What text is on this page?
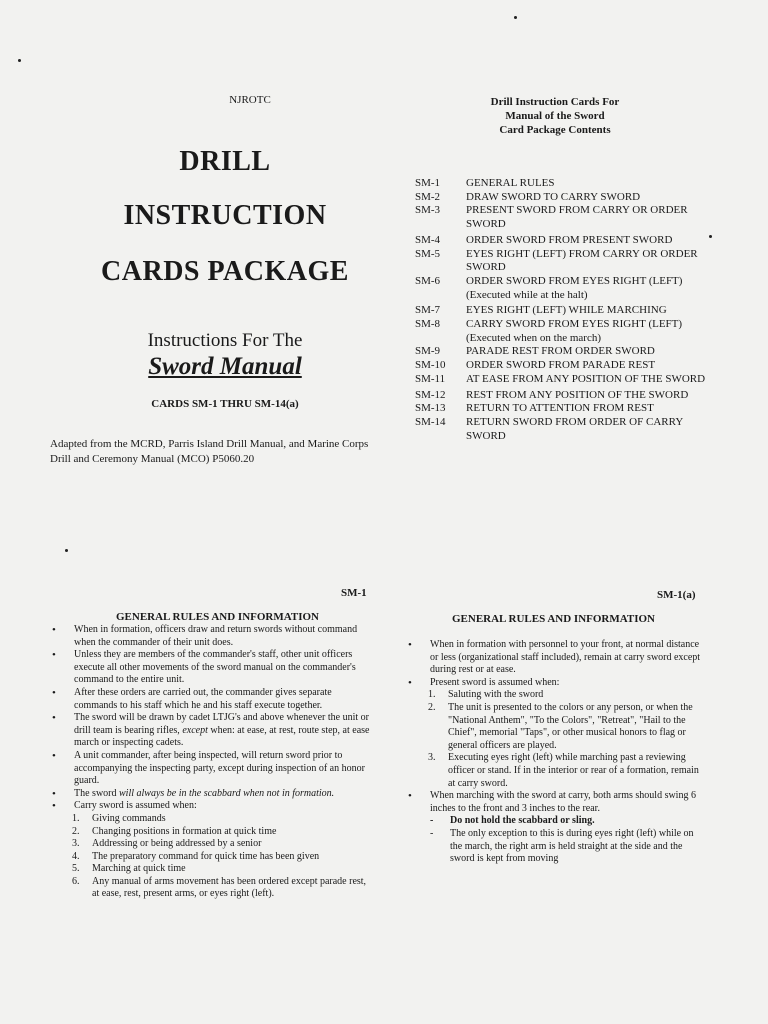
NJROTC
DRILL
INSTRUCTION
CARDS PACKAGE
Instructions For The
Sword Manual
CARDS SM-1 THRU SM-14(a)
Adapted from the MCRD, Parris Island Drill Manual, and Marine Corps Drill and Ceremony Manual (MCO) P5060.20
Drill Instruction Cards For
Manual of the Sword
Card Package Contents
SM-1	GENERAL RULES
SM-2	DRAW SWORD TO CARRY SWORD
SM-3	PRESENT SWORD FROM CARRY OR ORDER SWORD
SM-4	ORDER SWORD FROM PRESENT SWORD
SM-5	EYES RIGHT (LEFT) FROM CARRY OR ORDER SWORD
SM-6	ORDER SWORD FROM EYES RIGHT (LEFT) (Executed while at the halt)
SM-7	EYES RIGHT (LEFT) WHILE MARCHING
SM-8	CARRY SWORD FROM EYES RIGHT (LEFT) (Executed when on the march)
SM-9	PARADE REST FROM ORDER SWORD
SM-10	ORDER SWORD FROM PARADE REST
SM-11	AT EASE FROM ANY POSITION OF THE SWORD
SM-12	REST FROM ANY POSITION OF THE SWORD
SM-13	RETURN TO ATTENTION FROM REST
SM-14	RETURN SWORD FROM ORDER OF CARRY SWORD
SM-1
GENERAL RULES AND INFORMATION
•	When in formation, officers draw and return swords without command when the commander of their unit does.
•	Unless they are members of the commander's staff, other unit officers execute all other movements of the sword manual on the commander's command to the entire unit.
•	After these orders are carried out, the commander gives separate commands to his staff which he and his staff execute together.
•	The sword will be drawn by cadet LTJG's and above whenever the unit or drill team is bearing rifles, except when: at ease, at rest, route step, at ease march or inspecting cadets.
•	A unit commander, after being inspected, will return sword prior to accompanying the inspecting party, except during inspection of an honor guard.
•	The sword will always be in the scabbard when not in formation.
•	Carry sword is assumed when:
1.	Giving commands
2.	Changing positions in formation at quick time
3.	Addressing or being addressed by a senior
4.	The preparatory command for quick time has been given
5.	Marching at quick time
6.	Any manual of arms movement has been ordered except parade rest, at ease, rest, present arms, or eyes right (left).
SM-1(a)
GENERAL RULES AND INFORMATION
•	When in formation with personnel to your front, at normal distance or less (organizational staff included), remain at carry sword except during rest or at ease.
•	Present sword is assumed when:
1.	Saluting with the sword
2.	The unit is presented to the colors or any person, or when the "National Anthem", "To the Colors", "Retreat", "Hail to the Chief", memorial "Taps", or other musical honors to flag or general officers are played.
3.	Executing eyes right (left) while marching past a reviewing officer or stand. If in the interior or rear of a formation, remain at carry sword.
•	When marching with the sword at carry, both arms should swing 6 inches to the front and 3 inches to the rear.
-	Do not hold the scabbard or sling.
-	The only exception to this is during eyes right (left) while on the march, the right arm is held straight at the side and the sword is kept from moving
